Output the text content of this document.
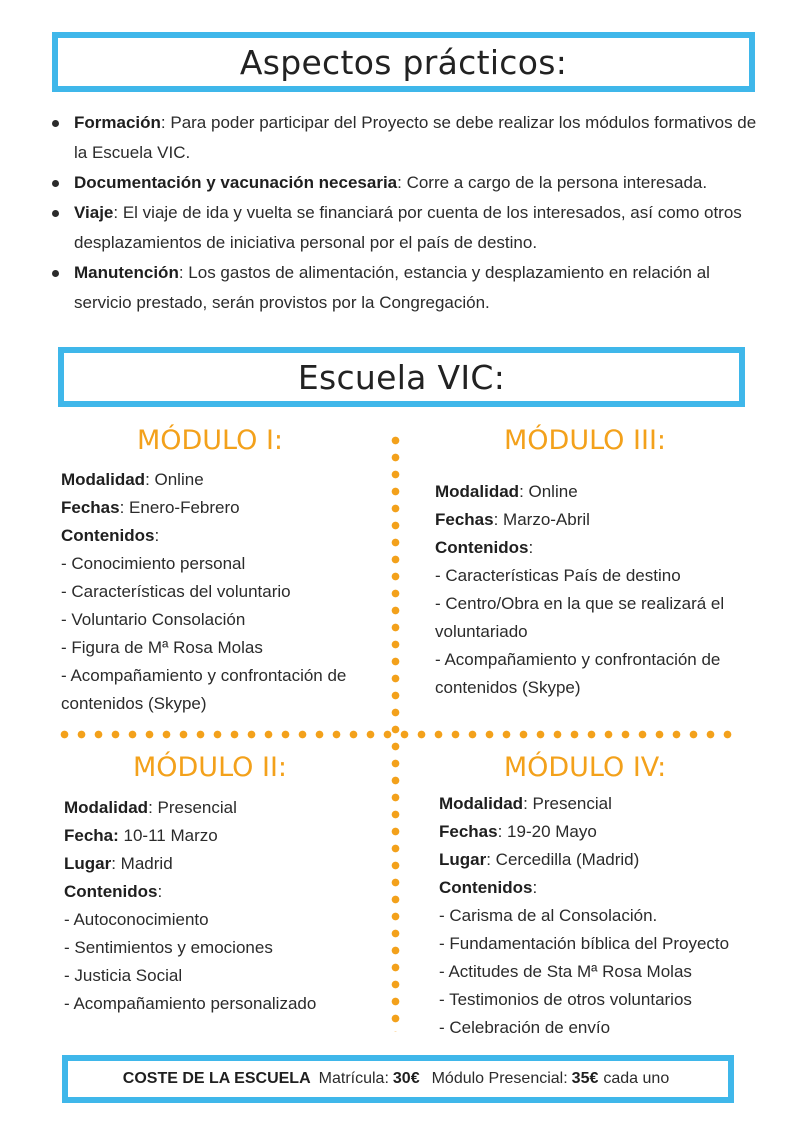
Aspectos prácticos:
Formación: Para poder participar del Proyecto se debe realizar los módulos formativos de la Escuela VIC.
Documentación y vacunación necesaria: Corre a cargo de la persona interesada.
Viaje: El viaje de ida y vuelta se financiará por cuenta de los interesados, así como otros desplazamientos de iniciativa personal por el país de destino.
Manutención: Los gastos de alimentación, estancia y desplazamiento en relación al servicio prestado, serán provistos por la Congregación.
Escuela VIC:
MÓDULO I:
Modalidad: Online
Fechas: Enero-Febrero
Contenidos:
- Conocimiento personal
- Características del voluntario
- Voluntario Consolación
- Figura de Mª Rosa Molas
- Acompañamiento y confrontación de contenidos (Skype)
MÓDULO III:
Modalidad: Online
Fechas: Marzo-Abril
Contenidos:
- Características País de destino
- Centro/Obra en la que se realizará el voluntariado
- Acompañamiento y confrontación de contenidos (Skype)
MÓDULO II:
Modalidad: Presencial
Fecha: 10-11 Marzo
Lugar: Madrid
Contenidos:
- Autoconocimiento
- Sentimientos y emociones
- Justicia Social
- Acompañamiento personalizado
MÓDULO IV:
Modalidad: Presencial
Fechas: 19-20 Mayo
Lugar: Cercedilla (Madrid)
Contenidos:
- Carisma de al Consolación.
- Fundamentación bíblica del Proyecto
- Actitudes de Sta Mª Rosa Molas
- Testimonios de otros voluntarios
- Celebración de envío
COSTE DE LA ESCUELA Matrícula: 30€ Módulo Presencial: 35€ cada uno
